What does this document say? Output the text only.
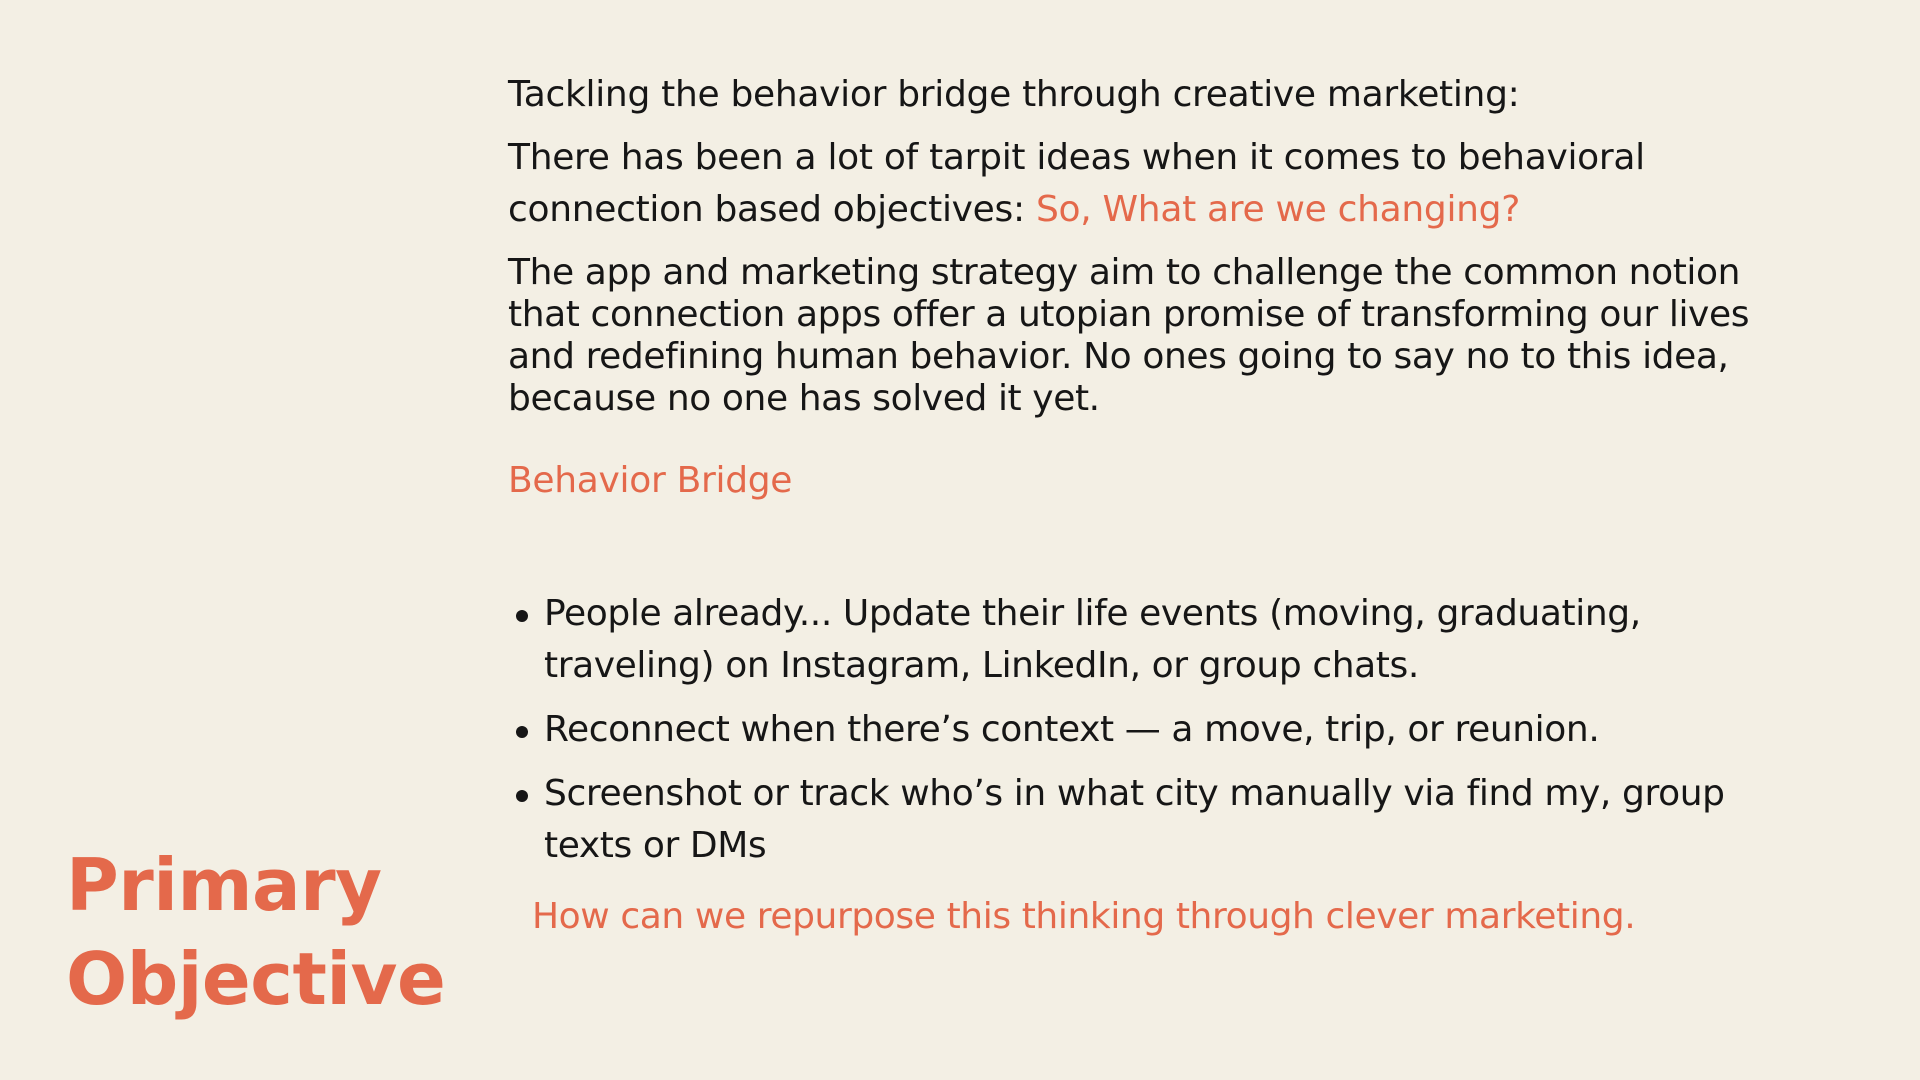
Tackling the behavior bridge through creative marketing:

There has been a lot of tarpit ideas when it comes to behavioral connection based objectives: So, What are we changing?

The app and marketing strategy aim to challenge the common notion that connection apps offer a utopian promise of transforming our lives and redefining human behavior. No ones going to say no to this idea, because no one has solved it yet.

Behavior Bridge

People already... Update their life events (moving, graduating, traveling) on Instagram, LinkedIn, or group chats.
Reconnect when there’s context — a move, trip, or reunion.
Screenshot or track who’s in what city manually via find my, group texts or DMs

How can we repurpose this thinking through clever marketing.

Primary
Objective
